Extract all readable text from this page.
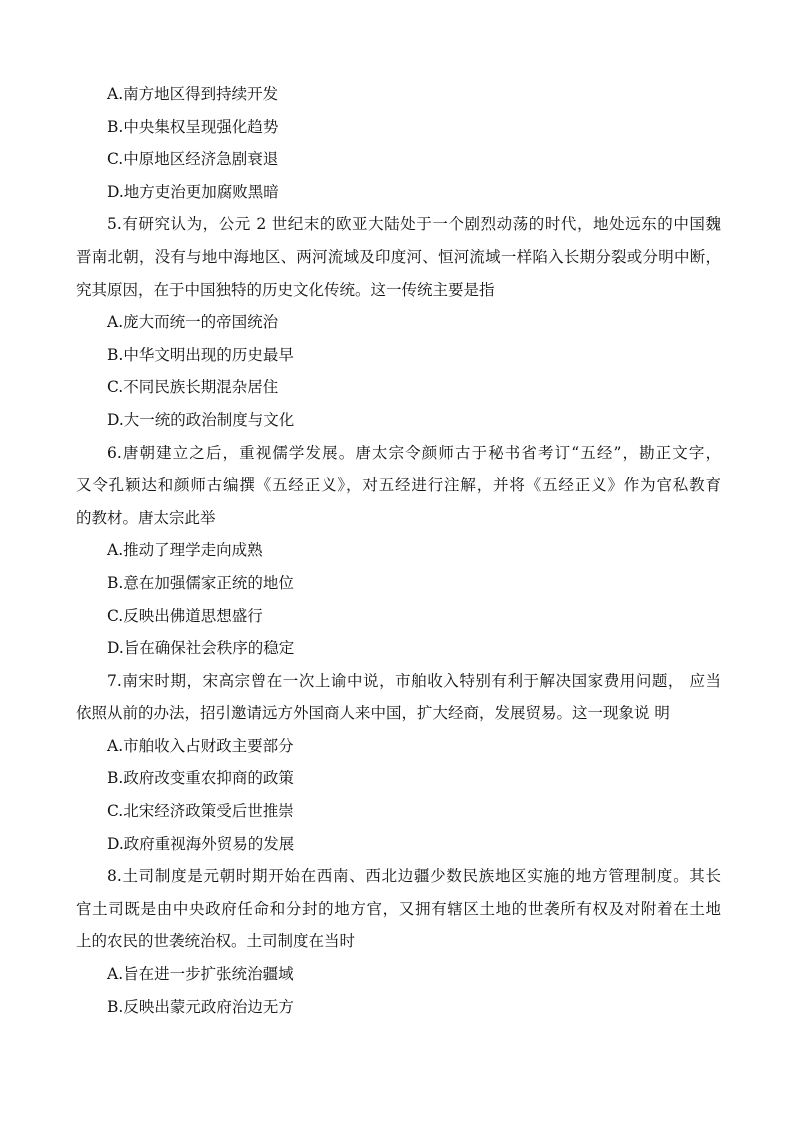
A.南方地区得到持续开发
B.中央集权呈现强化趋势
C.中原地区经济急剧衰退
D.地方吏治更加腐败黑暗
5.有研究认为，公元 2 世纪末的欧亚大陆处于一个剧烈动荡的时代，地处远东的中国魏
晋南北朝，没有与地中海地区、两河流域及印度河、恒河流域一样陷入长期分裂或分明中断，
究其原因，在于中国独特的历史文化传统。这一传统主要是指
A.庞大而统一的帝国统治
B.中华文明出现的历史最早
C.不同民族长期混杂居住
D.大一统的政治制度与文化
6.唐朝建立之后，重视儒学发展。唐太宗令颜师古于秘书省考订“五经”，勘正文字，
又令孔颖达和颜师古编撰《五经正义》，对五经进行注解，并将《五经正义》作为官私教育
的教材。唐太宗此举
A.推动了理学走向成熟
B.意在加强儒家正统的地位
C.反映出佛道思想盛行
D.旨在确保社会秩序的稳定
7.南宋时期，宋高宗曾在一次上谕中说，市舶收入特别有利于解决国家费用问题， 应当
依照从前的办法，招引邀请远方外国商人来中国，扩大经商，发展贸易。这一现象说 明
A.市舶收入占财政主要部分
B.政府改变重农抑商的政策
C.北宋经济政策受后世推崇
D.政府重视海外贸易的发展
8.土司制度是元朝时期开始在西南、西北边疆少数民族地区实施的地方管理制度。其长
官土司既是由中央政府任命和分封的地方官，又拥有辖区土地的世袭所有权及对附着在土地
上的农民的世袭统治权。土司制度在当时
A.旨在进一步扩张统治疆域
B.反映出蒙元政府治边无方
